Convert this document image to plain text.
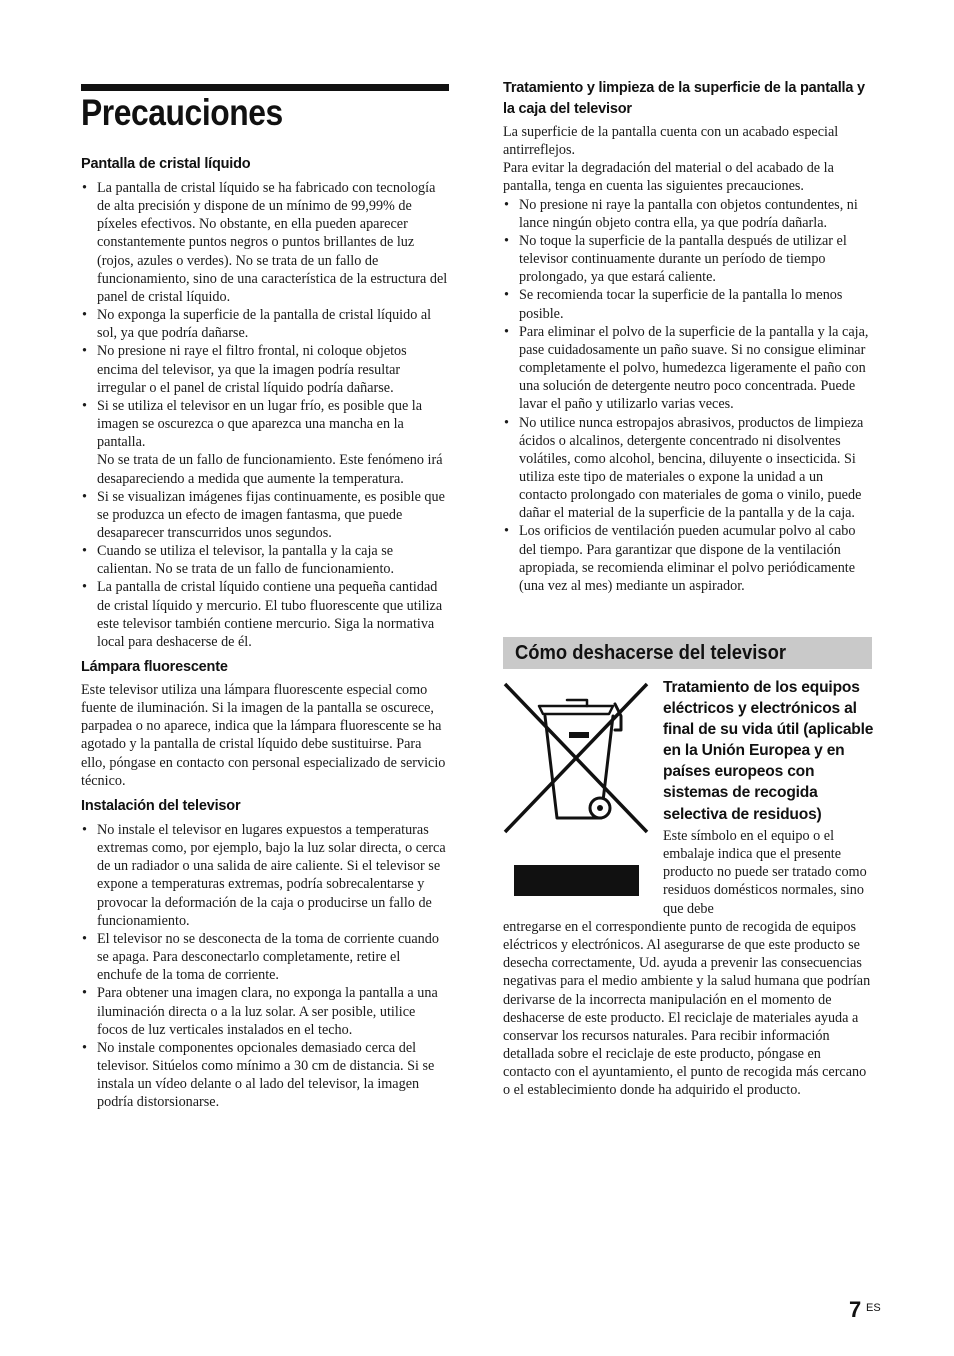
Precauciones
Pantalla de cristal líquido
• La pantalla de cristal líquido se ha fabricado con tecnología de alta precisión y dispone de un mínimo de 99,99% de píxeles efectivos. No obstante, en ella pueden aparecer constantemente puntos negros o puntos brillantes de luz (rojos, azules o verdes). No se trata de un fallo de funcionamiento, sino de una característica de la estructura del panel de cristal líquido.
• No exponga la superficie de la pantalla de cristal líquido al sol, ya que podría dañarse.
• No presione ni raye el filtro frontal, ni coloque objetos encima del televisor, ya que la imagen podría resultar irregular o el panel de cristal líquido podría dañarse.
• Si se utiliza el televisor en un lugar frío, es posible que la imagen se oscurezca o que aparezca una mancha en la pantalla.
No se trata de un fallo de funcionamiento. Este fenómeno irá desapareciendo a medida que aumente la temperatura.
• Si se visualizan imágenes fijas continuamente, es posible que se produzca un efecto de imagen fantasma, que puede desaparecer transcurridos unos segundos.
• Cuando se utiliza el televisor, la pantalla y la caja se calientan. No se trata de un fallo de funcionamiento.
• La pantalla de cristal líquido contiene una pequeña cantidad de cristal líquido y mercurio. El tubo fluorescente que utiliza este televisor también contiene mercurio. Siga la normativa local para deshacerse de él.
Lámpara fluorescente

Este televisor utiliza una lámpara fluorescente especial como fuente de iluminación. Si la imagen de la pantalla se oscurece, parpadea o no aparece, indica que la lámpara fluorescente se ha agotado y la pantalla de cristal líquido debe sustituirse. Para ello, póngase en contacto con personal especializado de servicio técnico.

Instalación del televisor
• No instale el televisor en lugares expuestos a temperaturas extremas como, por ejemplo, bajo la luz solar directa, o cerca de un radiador o una salida de aire caliente. Si el televisor se expone a temperaturas extremas, podría sobrecalentarse y provocar la deformación de la caja o producirse un fallo de funcionamiento.
• El televisor no se desconecta de la toma de corriente cuando se apaga. Para desconectarlo completamente, retire el enchufe de la toma de corriente.
• Para obtener una imagen clara, no exponga la pantalla a una iluminación directa o a la luz solar. A ser posible, utilice focos de luz verticales instalados en el techo.
• No instale componentes opcionales demasiado cerca del televisor. Sitúelos como mínimo a 30 cm de distancia. Si se instala un vídeo delante o al lado del televisor, la imagen podría distorsionarse.
Tratamiento y limpieza de la superficie de la pantalla y la caja del televisor

La superficie de la pantalla cuenta con un acabado especial antirreflejos.

Para evitar la degradación del material o del acabado de la pantalla, tenga en cuenta las siguientes precauciones.

• No presione ni raye la pantalla con objetos contundentes, ni lance ningún objeto contra ella, ya que podría dañarla.
• No toque la superficie de la pantalla después de utilizar el televisor continuamente durante un período de tiempo prolongado, ya que estará caliente.
• Se recomienda tocar la superficie de la pantalla lo menos posible.
• Para eliminar el polvo de la superficie de la pantalla y la caja, pase cuidadosamente un paño suave. Si no consigue eliminar completamente el polvo, humedezca ligeramente el paño con una solución de detergente neutro poco concentrada. Puede lavar el paño y utilizarlo varias veces.
• No utilice nunca estropajos abrasivos, productos de limpieza ácidos o alcalinos, detergente concentrado ni disolventes volátiles, como alcohol, bencina, diluyente o insecticida. Si utiliza este tipo de materiales o expone la unidad a un contacto prolongado con materiales de goma o vinilo, puede dañar el material de la superficie de la pantalla y de la caja.
• Los orificios de ventilación pueden acumular polvo al cabo del tiempo. Para garantizar que dispone de la ventilación apropiada, se recomienda eliminar el polvo periódicamente (una vez al mes) mediante un aspirador.
Cómo deshacerse del televisor
Tratamiento de los equipos eléctricos y electrónicos al final de su vida útil (aplicable en la Unión Europea y en países europeos con sistemas de recogida selectiva de residuos)

Este símbolo en el equipo o el embalaje indica que el presente producto no puede ser tratado como residuos domésticos normales, sino que debe

entregarse en el correspondiente punto de recogida de equipos eléctricos y electrónicos. Al asegurarse de que este producto se desecha correctamente, Ud. ayuda a prevenir las consecuencias negativas para el medio ambiente y la salud humana que podrían derivarse de la incorrecta manipulación en el momento de deshacerse de este producto. El reciclaje de materiales ayuda a conservar los recursos naturales. Para recibir información detallada sobre el reciclaje de este producto, póngase en contacto con el ayuntamiento, el punto de recogida más cercano o el establecimiento donde ha adquirido el producto.

7 ES
